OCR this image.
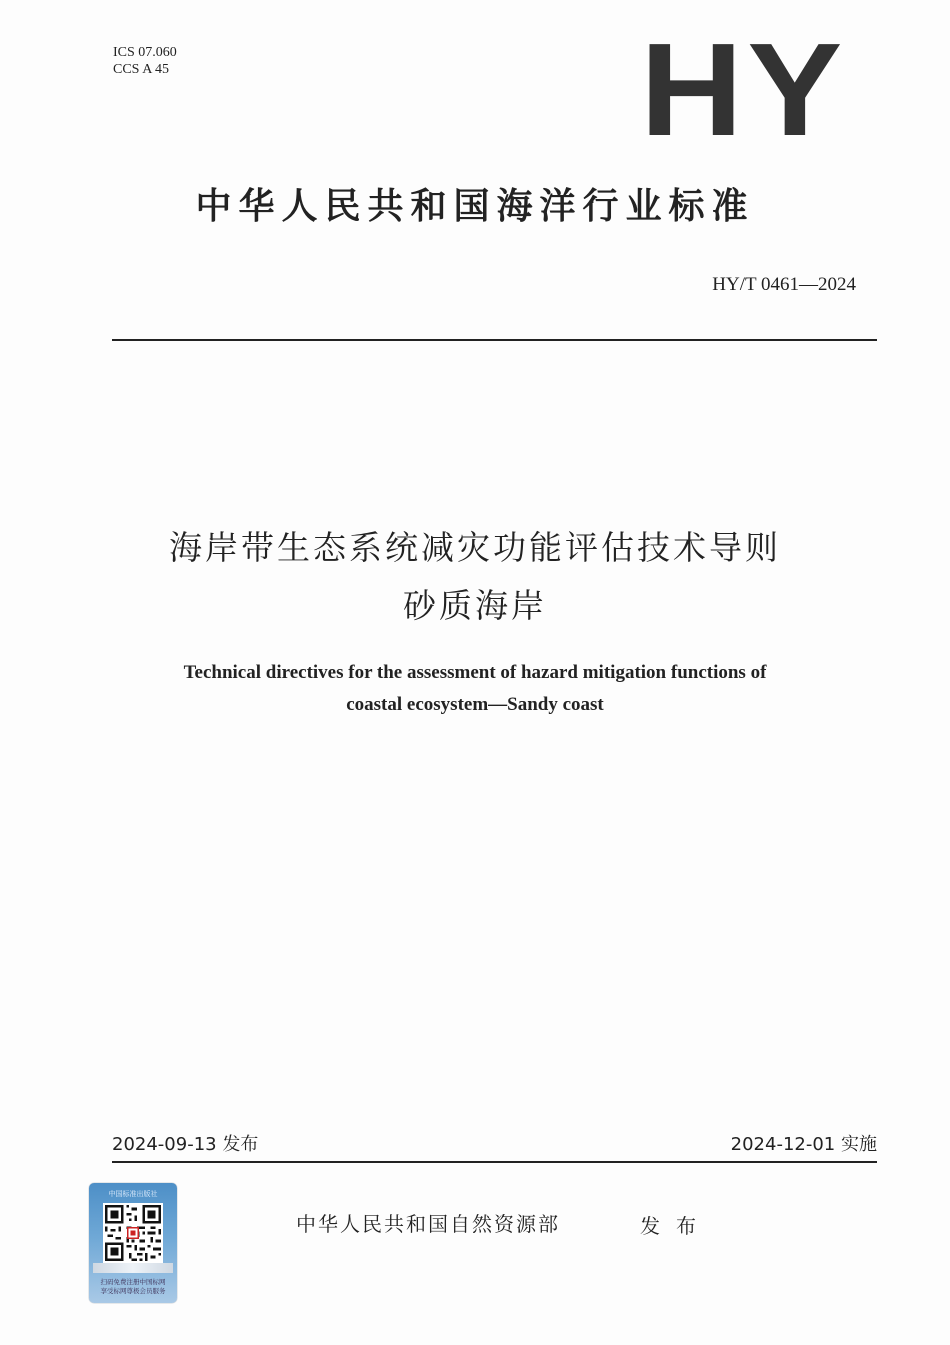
ICS 07.060
CCS A 45	HY
中华人民共和国海洋行业标准
HY/T 0461—2024
海岸带生态系统减灾功能评估技术导则
砂质海岸
Technical directives for the assessment of hazard mitigation functions of
coastal ecosystem—Sandy coast
2024-09-13 发布	2024-12-01 实施
中华人民共和国自然资源部	发布
中国标准出版社
扫码免费注册中国标网
享受标网尊极会员服务
